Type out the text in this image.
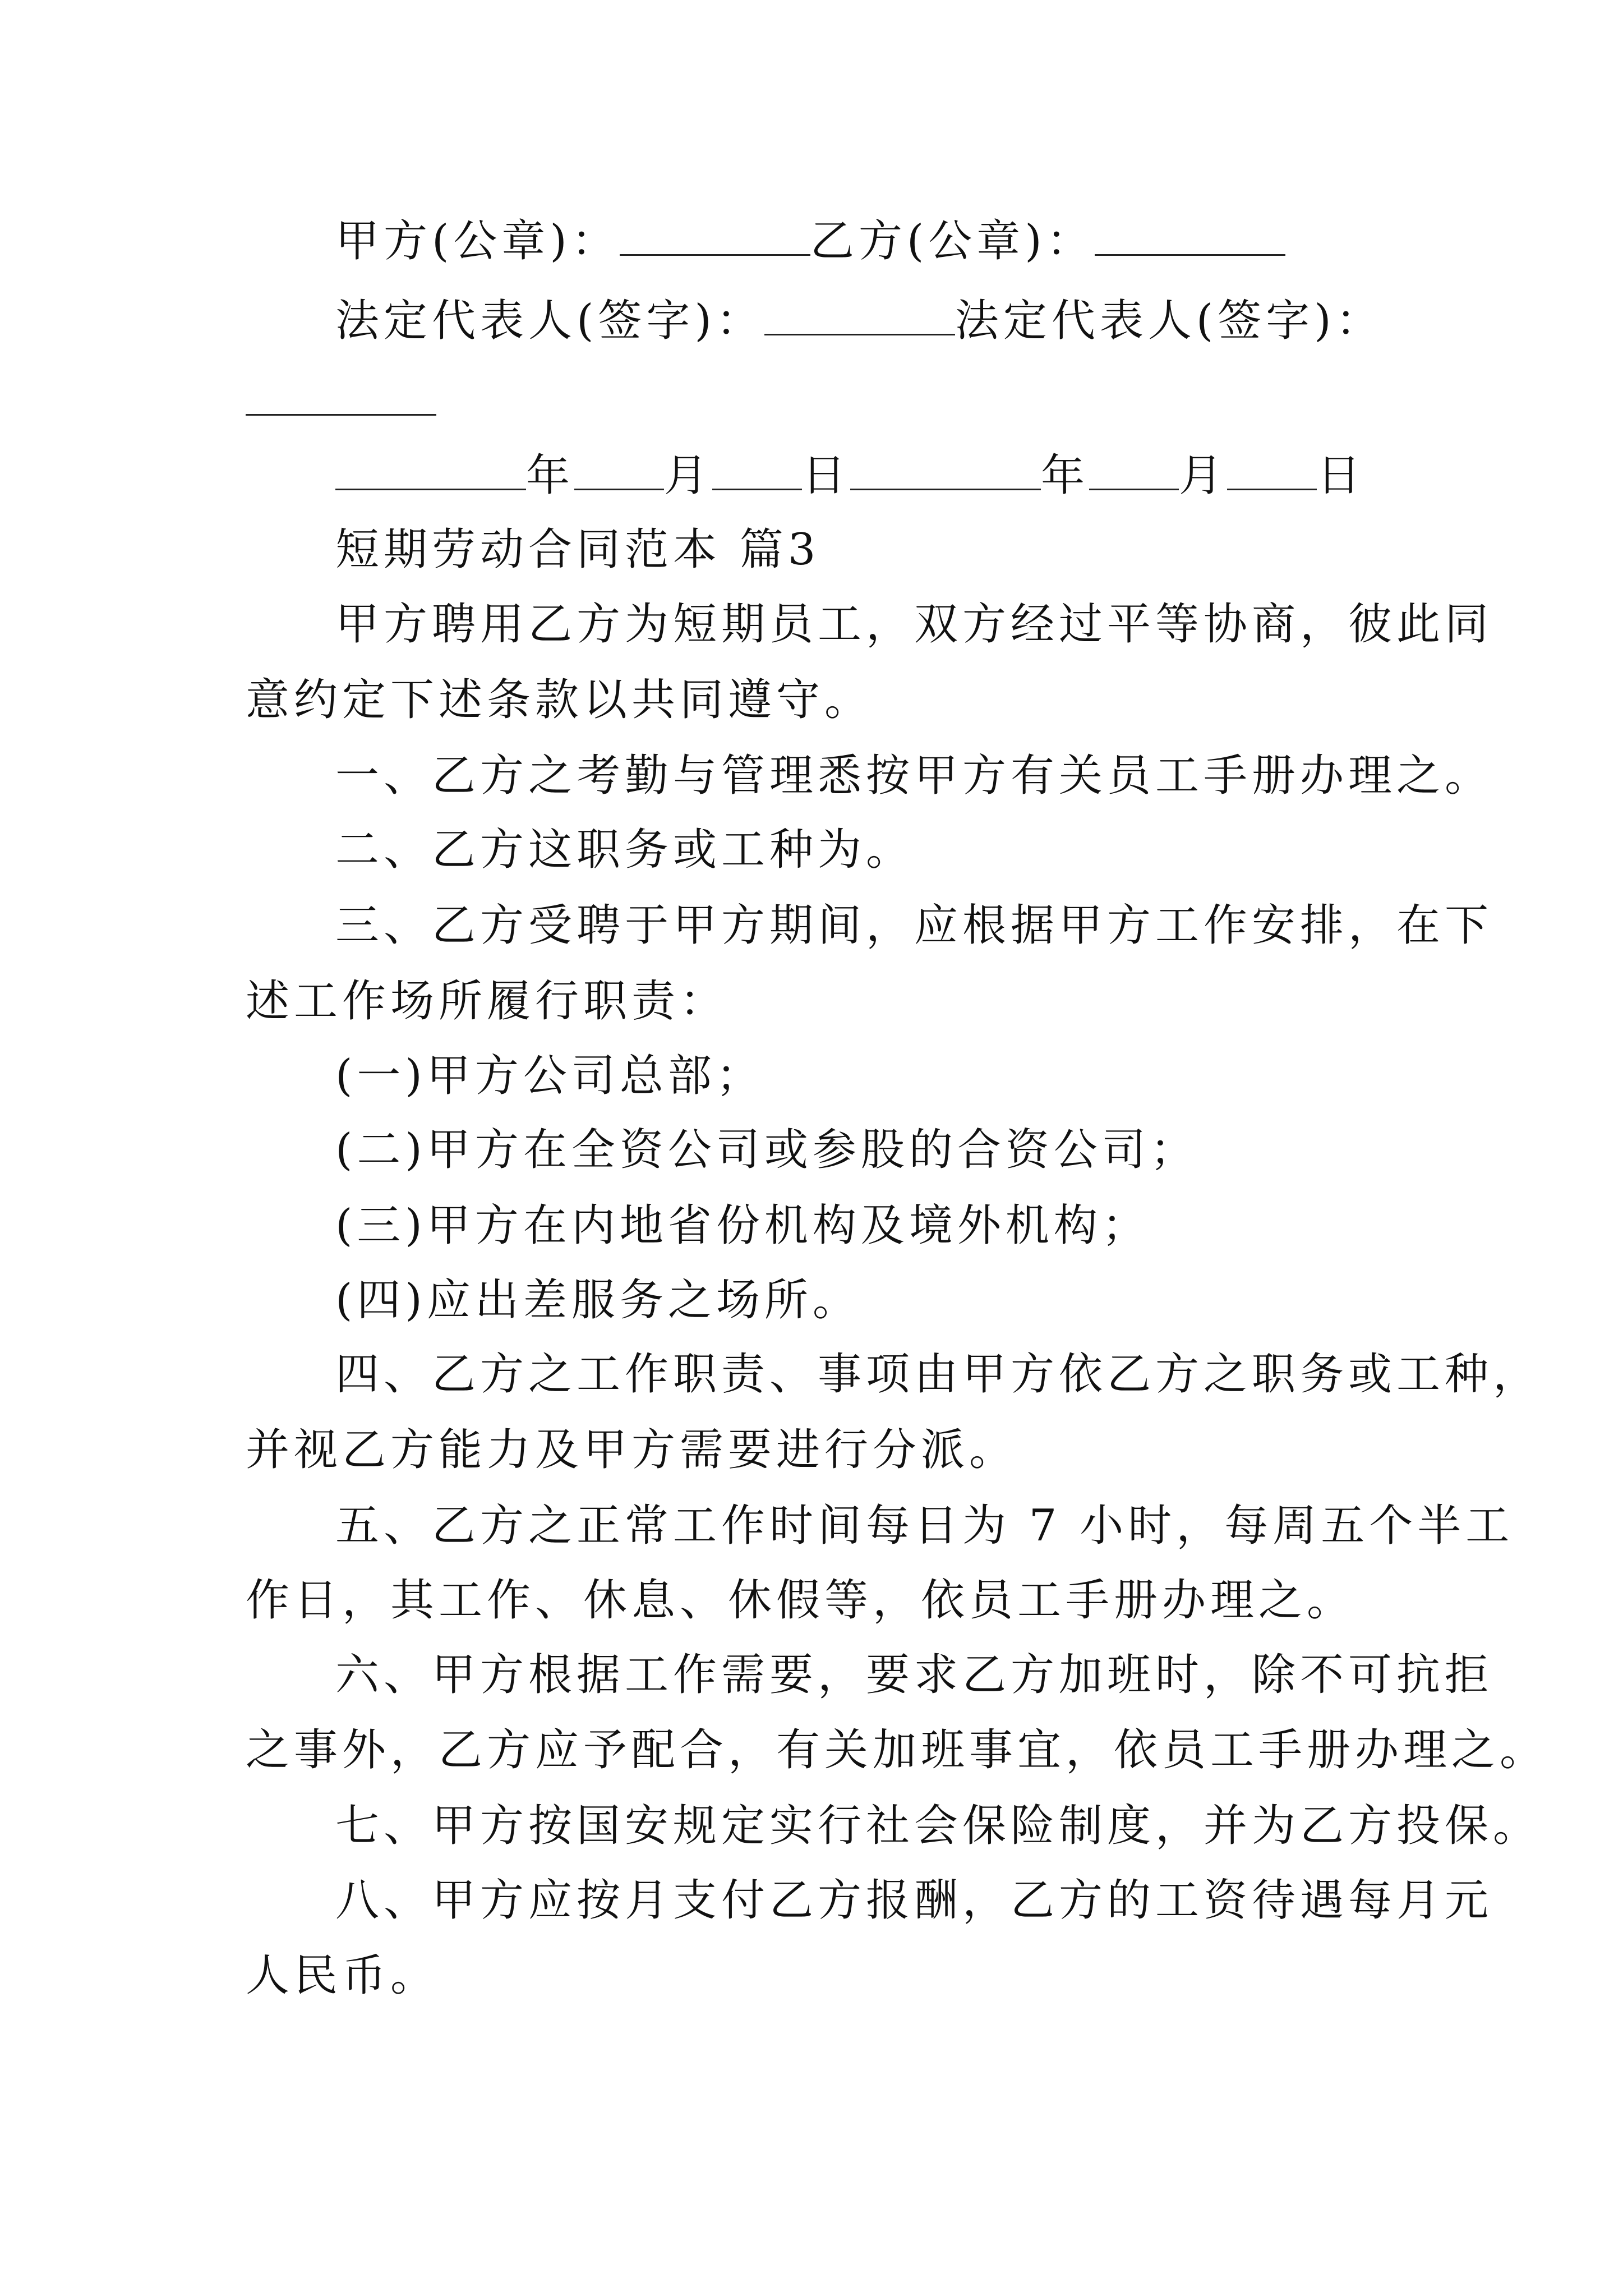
甲方(公章)：	乙方(公章)：
法定代表人(签字)：	法定代表人(签字)：
年 月 日	年 月 日
短期劳动合同范本 篇3
甲方聘用乙方为短期员工，双方经过平等协商，彼此同
意约定下述条款以共同遵守。
一、乙方之考勤与管理悉按甲方有关员工手册办理之。
二、乙方这职务或工种为。
三、乙方受聘于甲方期间，应根据甲方工作安排，在下
述工作场所履行职责：
(一)甲方公司总部；
(二)甲方在全资公司或参股的合资公司；
(三)甲方在内地省份机构及境外机构；
(四)应出差服务之场所。
四、乙方之工作职责、事项由甲方依乙方之职务或工种，
并视乙方能力及甲方需要进行分派。
五、乙方之正常工作时间每日为 7 小时，每周五个半工
作日，其工作、休息、休假等，依员工手册办理之。
六、甲方根据工作需要，要求乙方加班时，除不可抗拒
之事外，乙方应予配合，有关加班事宜，依员工手册办理之。
七、甲方按国安规定实行社会保险制度，并为乙方投保。
八、甲方应按月支付乙方报酬，乙方的工资待遇每月元
人民币。
